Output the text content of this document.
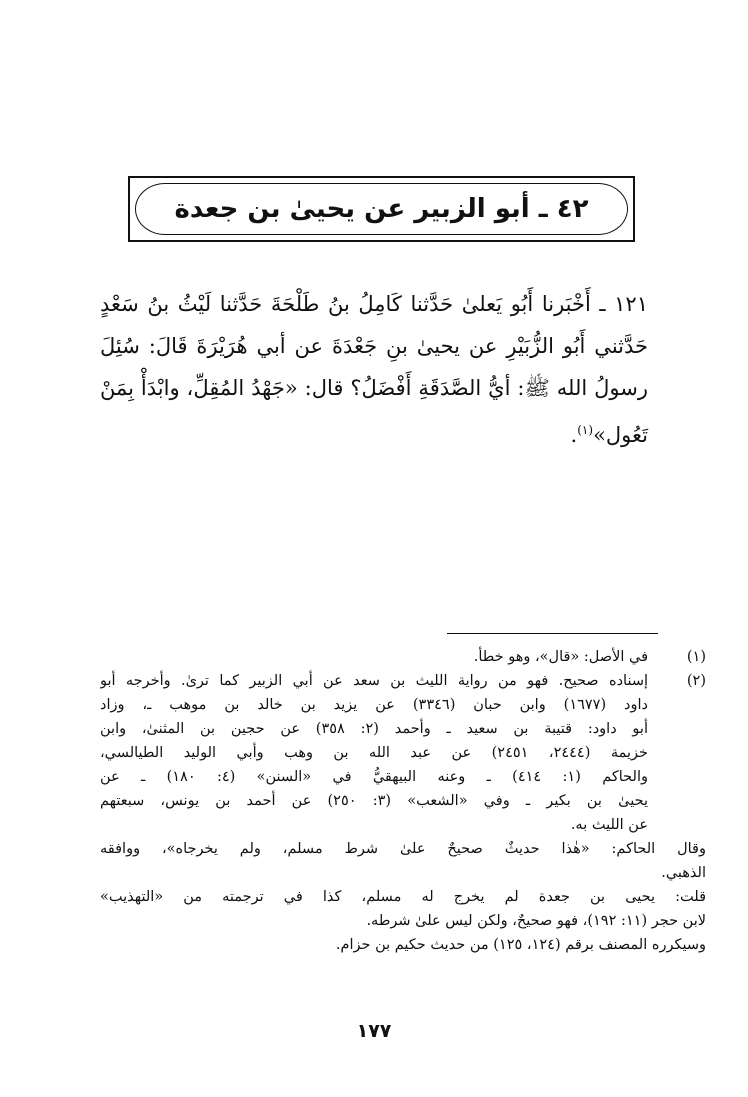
٤٢ ـ أبو الزبير عن يحيىٰ بن جعدة
١٢١ ـ أَخْبَرنا أَبُو يَعلىٰ حَدَّثنا كَامِلُ بنُ طَلْحَةَ حَدَّثنا لَيْثُ بنُ سَعْدٍ
حَدَّثني أَبُو الزُّبَيْرِ عن يحيىٰ بنِ جَعْدَةَ عن أبي هُرَيْرَةَ قَالَ: سُئِلَ
رسولُ الله ﷺ: أيُّ الصَّدَقَةِ أَفْضَلُ؟ قال: «جَهْدُ المُقِلِّ، وابْدَأْ بِمَنْ
تَعُول»$^{(١)}$.
(١)
في الأصل: «قال»، وهو خطأ.
(٢)
إسناده صحيح. فهو من رواية الليث بن سعد عن أبي الزبير كما ترىٰ. وأخرجه أبو
داود (١٦٧٧) وابن حبان (٣٣٤٦) عن يزيد بن خالد بن موهب ـ، وزاد
أبو داود: قتيبة بن سعيد ـ وأحمد (٢: ٣٥٨) عن حجين بن المثنىٰ، وابن
خزيمة (٢٤٤٤، ٢٤٥١) عن عبد الله بن وهب وأبي الوليد الطيالسي،
والحاكم (١: ٤١٤) ـ وعنه البيهقيُّ في «السنن» (٤: ١٨٠) ـ عن
يحيىٰ بن بكير ـ وفي «الشعب» (٣: ٢٥٠) عن أحمد بن يونس، سبعتهم
عن الليث به.
وقال الحاكم: «هٰذا حديثٌ صحيحٌ علىٰ شرط مسلم، ولم يخرجاه»، ووافقه
الذهبي.
قلت: يحيى بن جعدة لم يخرج له مسلم، كذا في ترجمته من «التهذيب»
لابن حجر (١١: ١٩٢)، فهو صحيحٌ، ولكن ليس علىٰ شرطه.
وسيكرره المصنف برقم (١٢٤، ١٢٥) من حديث حكيم بن حزام.
١٧٧
